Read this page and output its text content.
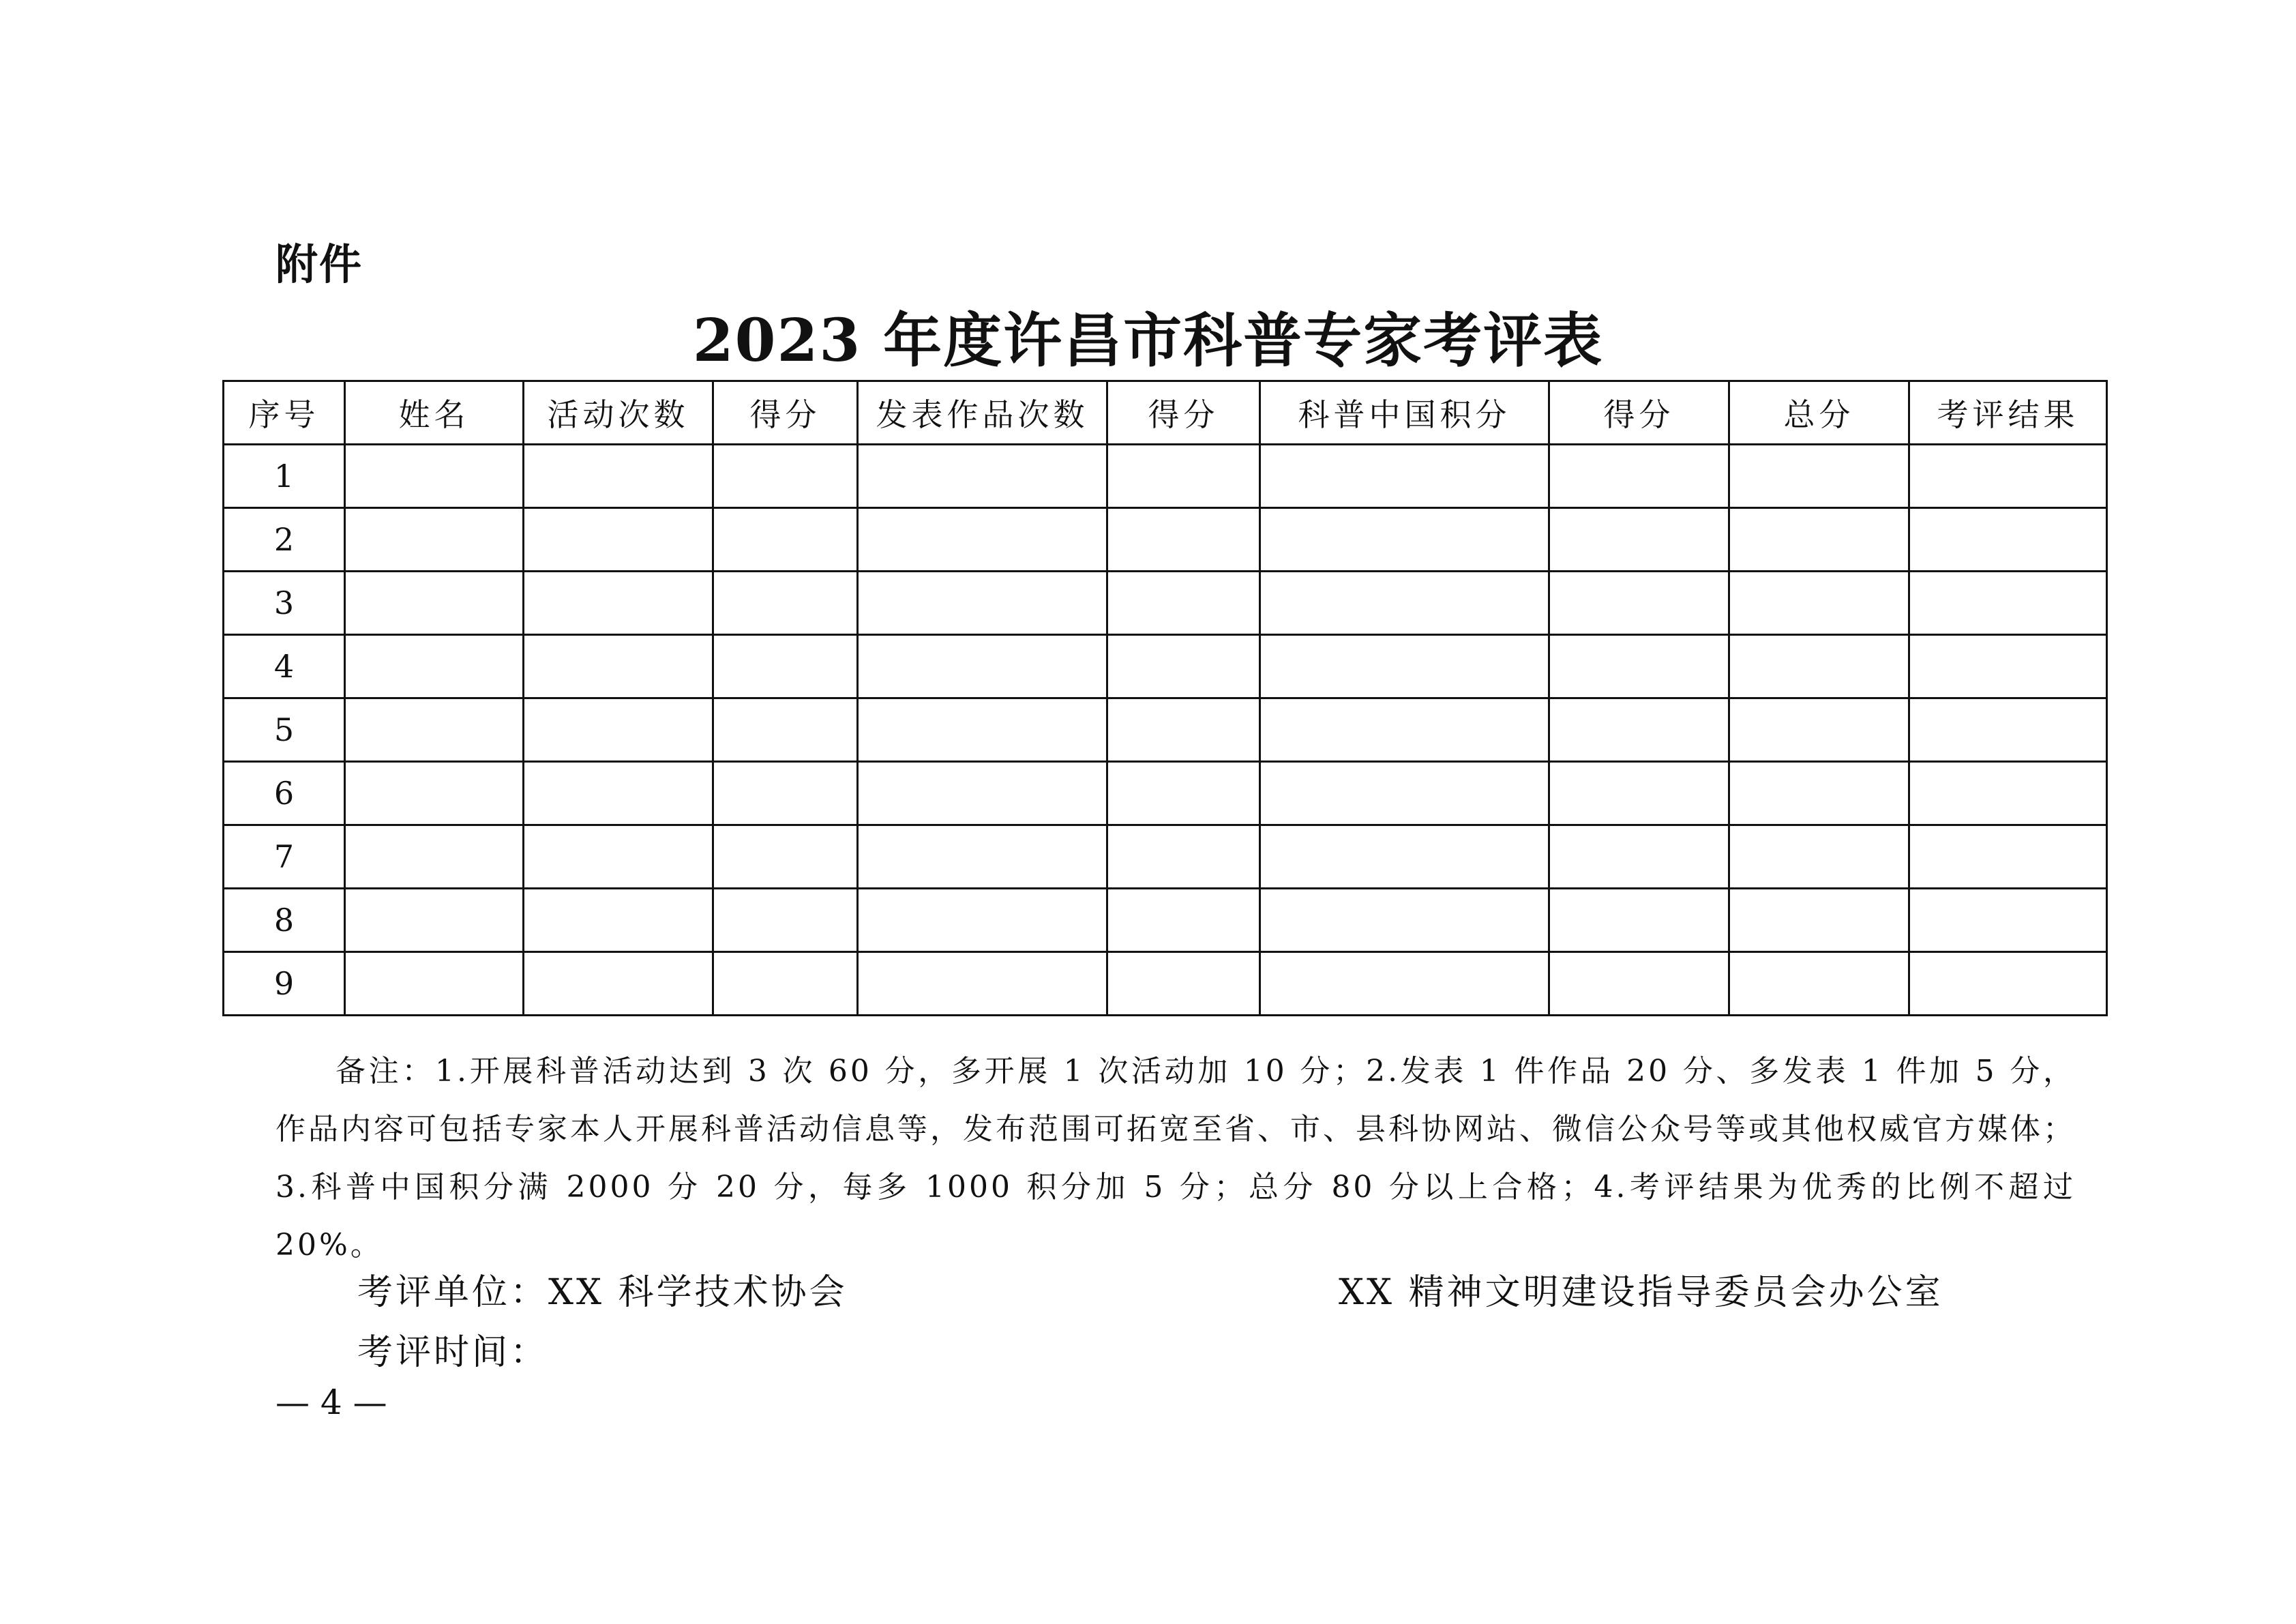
附件
2023 年度许昌市科普专家考评表
序号	姓名	活动次数	得分	发表作品次数	得分	科普中国积分	得分	总分	考评结果
1									
2									
3									
4									
5									
6									
7									
8									
9									
备注：1.开展科普活动达到 3 次 60 分，多开展 1 次活动加 10 分；2.发表 1 件作品 20 分、多发表 1 件加 5 分，作品内容可包括专家本人开展科普活动信息等，发布范围可拓宽至省、市、县科协网站、微信公众号等或其他权威官方媒体；3.科普中国积分满 2000 分 20 分，每多 1000 积分加 5 分；总分 80 分以上合格；4.考评结果为优秀的比例不超过 20%。
考评单位：XX 科学技术协会	XX 精神文明建设指导委员会办公室
考评时间：
— 4 —
